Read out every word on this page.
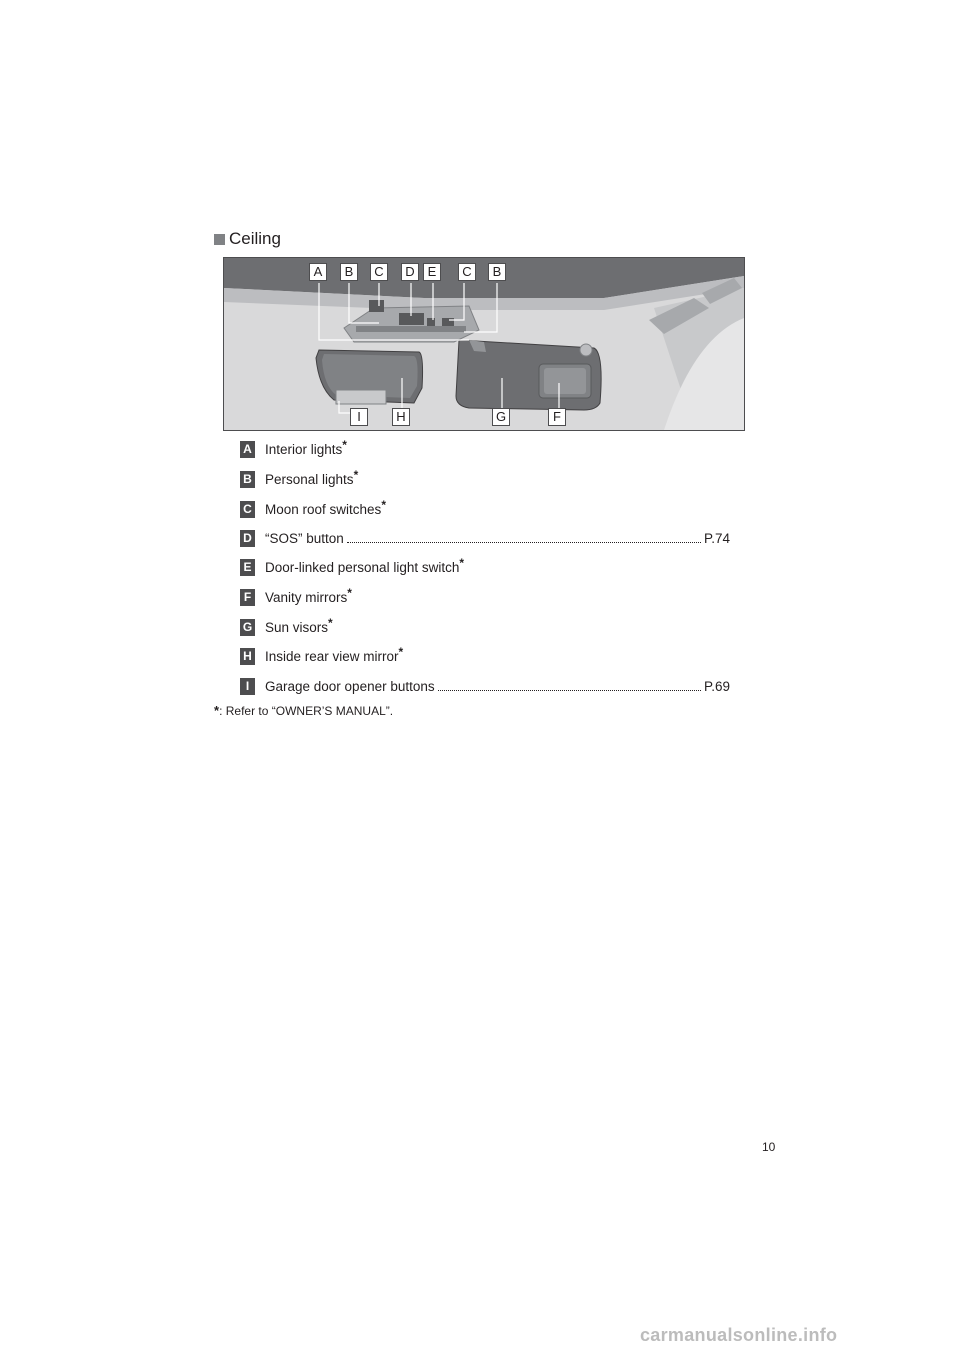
Ceiling
A	B	C	D E	C	B
I	H	G	F
A Interior lights*
B Personal lights*
C Moon roof switches*
D “SOS” button	P.74
E Door-linked personal light switch*
F Vanity mirrors*
G Sun visors*
H Inside rear view mirror*
I	Garage door opener buttons	P.69
*: Refer to “OWNER’S MANUAL”.
10
carmanualsonline.info
